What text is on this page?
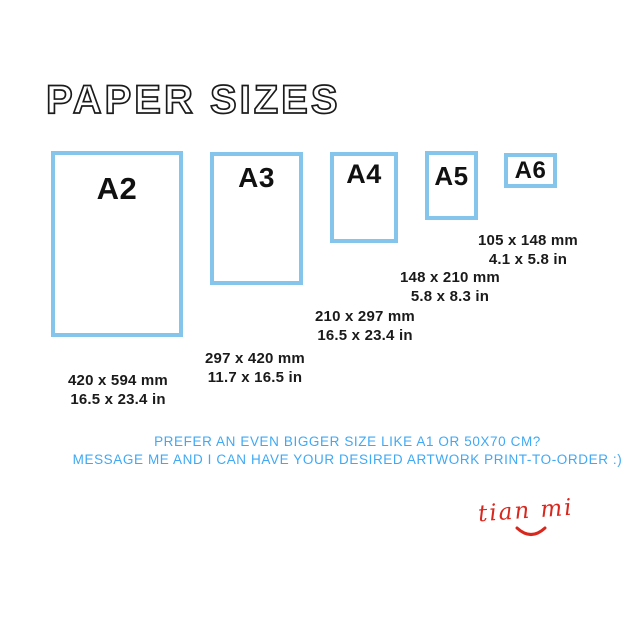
PAPER SIZES
A2	A3	A4 A5 A6
420 x 594 mm
16.5 x 23.4 in
297 x 420 mm
11.7 x 16.5 in
210 x 297 mm
16.5 x 23.4 in
148 x 210 mm
5.8 x 8.3 in
105 x 148 mm
4.1 x 5.8 in
PREFER AN EVEN BIGGER SIZE LIKE A1 OR 50X70 CM?
MESSAGE ME AND I CAN HAVE YOUR DESIRED ARTWORK PRINT-TO-ORDER :)
tian mi
